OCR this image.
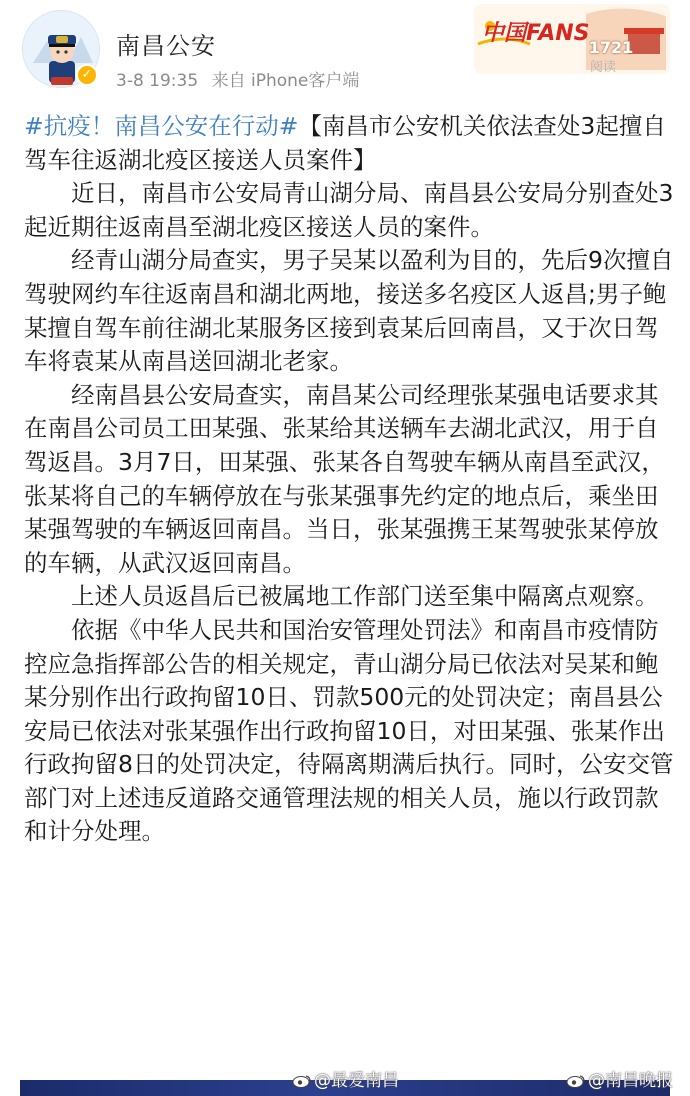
✓
南昌公安
3-8 19:35 来自 iPhone客户端
中国FANS
1721
阅读

#抗疫！南昌公安在行动#【南昌市公安机关依法查处3起擅自驾车往返湖北疫区接送人员案件】

近日，南昌市公安局青山湖分局、南昌县公安局分别查处3起近期往返南昌至湖北疫区接送人员的案件。

经青山湖分局查实，男子吴某以盈利为目的，先后9次擅自驾驶网约车往返南昌和湖北两地，接送多名疫区人返昌;男子鲍某擅自驾车前往湖北某服务区接到袁某后回南昌，又于次日驾车将袁某从南昌送回湖北老家。

经南昌县公安局查实，南昌某公司经理张某强电话要求其在南昌公司员工田某强、张某给其送辆车去湖北武汉，用于自驾返昌。3月7日，田某强、张某各自驾驶车辆从南昌至武汉，张某将自己的车辆停放在与张某强事先约定的地点后，乘坐田某强驾驶的车辆返回南昌。当日，张某强携王某驾驶张某停放的车辆，从武汉返回南昌。

上述人员返昌后已被属地工作部门送至集中隔离点观察。

依据《中华人民共和国治安管理处罚法》和南昌市疫情防控应急指挥部公告的相关规定，青山湖分局已依法对吴某和鲍某分别作出行政拘留10日、罚款500元的处罚决定；南昌县公安局已依法对张某强作出行政拘留10日，对田某强、张某作出行政拘留8日的处罚决定，待隔离期满后执行。同时，公安交管部门对上述违反道路交通管理法规的相关人员，施以行政罚款和计分处理。

@最爱南昌	@南昌晚报
